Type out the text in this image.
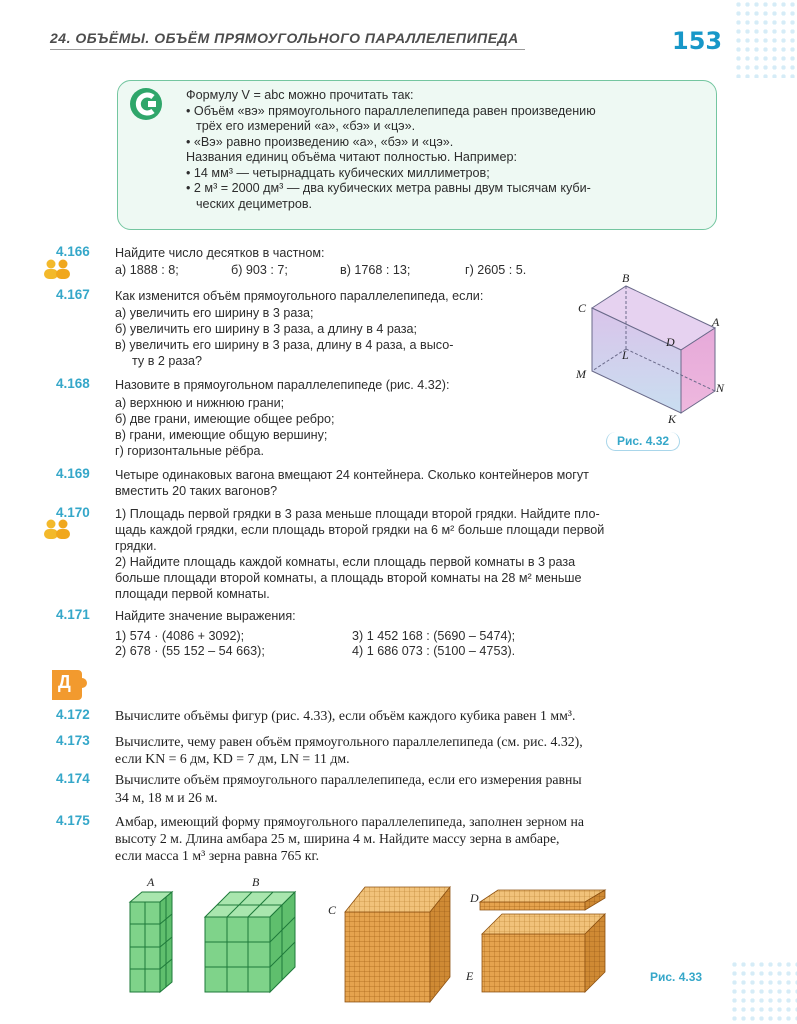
24. ОБЪЁМЫ. ОБЪЁМ ПРЯМОУГОЛЬНОГО ПАРАЛЛЕЛЕПИПЕДА	153
Формулу V = abc можно прочитать так:
• Объём «вэ» прямоугольного параллелепипеда равен произведению
трёх его измерений «а», «бэ» и «цэ».
• «Вэ» равно произведению «а», «бэ» и «цэ».
Названия единиц объёма читают полностью. Например:
• 14 мм³ — четырнадцать кубических миллиметров;
• 2 м³ = 2000 дм³ — два кубических метра равны двум тысячам куби-
ческих дециметров.
4.166 Найдите число десятков в частном:
а) 1888 : 8;	б) 903 : 7;	в) 1768 : 13;	г) 2605 : 5.
4.167 Как изменится объём прямоугольного параллелепипеда, если:
а) увеличить его ширину в 3 раза;
б) увеличить его ширину в 3 раза, а длину в 4 раза;
в) увеличить его ширину в 3 раза, длину в 4 раза, а высо-
ту в 2 раза?
4.168 Назовите в прямоугольном параллелепипеде (рис. 4.32):
а) верхнюю и нижнюю грани;
б) две грани, имеющие общее ребро;
в) грани, имеющие общую вершину;
г) горизонтальные рёбра.
B
C
A
D
L
M
N
K
Рис. 4.32
4.169 Четыре одинаковых вагона вмещают 24 контейнера. Сколько контейнеров могут
вместить 20 таких вагонов?
4.170 1) Площадь первой грядки в 3 раза меньше площади второй грядки. Найдите пло-
щадь каждой грядки, если площадь второй грядки на 6 м² больше площади первой
грядки.
2) Найдите площадь каждой комнаты, если площадь первой комнаты в 3 раза
больше площади второй комнаты, а площадь второй комнаты на 28 м² меньше
площади первой комнаты.
4.171 Найдите значение выражения:
1) 574 · (4086 + 3092);
2) 678 · (55 152 – 54 663);
3) 1 452 168 : (5690 – 5474);
4) 1 686 073 : (5100 – 4753).
Д
4.172 Вычислите объёмы фигур (рис. 4.33), если объём каждого кубика равен 1 мм³.
4.173 Вычислите, чему равен объём прямоугольного параллелепипеда (см. рис. 4.32),
если KN = 6 дм, KD = 7 дм, LN = 11 дм.
4.174 Вычислите объём прямоугольного параллелепипеда, если его измерения равны
34 м, 18 м и 26 м.
4.175 Амбар, имеющий форму прямоугольного параллелепипеда, заполнен зерном на
высоту 2 м. Длина амбара 25 м, ширина 4 м. Найдите массу зерна в амбаре,
если масса 1 м³ зерна равна 765 кг.
A	B
C
D
E	Рис. 4.33
